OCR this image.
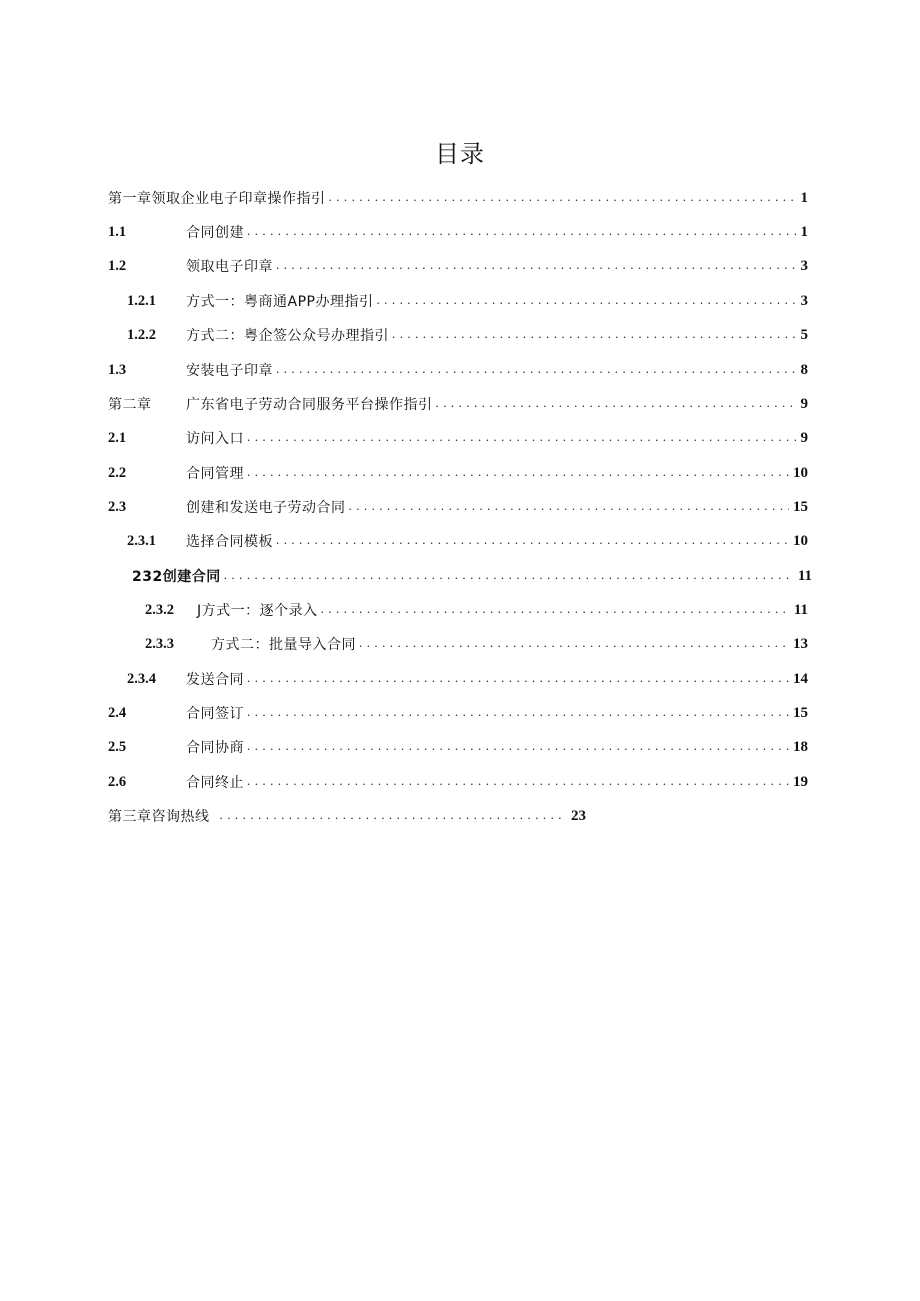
目录
第一章领取企业电子印章操作指引 . . .	1
1.1	合同创建 . . .	1
1.2	领取电子印章 . . .	3
1.2.1	方式一：粤商通APP办理指引 . . .	3
1.2.2	方式二：粤企签公众号办理指引 . . .	5
1.3	安装电子印章 . . .	8
第二章	广东省电子劳动合同服务平台操作指引 . . .	9
2.1	访问入口 . . .	9
2.2	合同管理 . . .	10
2.3	创建和发送电子劳动合同 . . .	15
2.3.1	选择合同模板 . . .	10
232创建合同 . . .	11
2.3.2	J方式一：逐个录入 . . .	11
2.3.3	方式二：批量导入合同 . . .	13
2.3.4	发送合同 . . .	14
2.4	合同签订 . . .	15
2.5	合同协商 . . .	18
2.6	合同终止 . . .	19
第三章咨询热线 . . .	23
